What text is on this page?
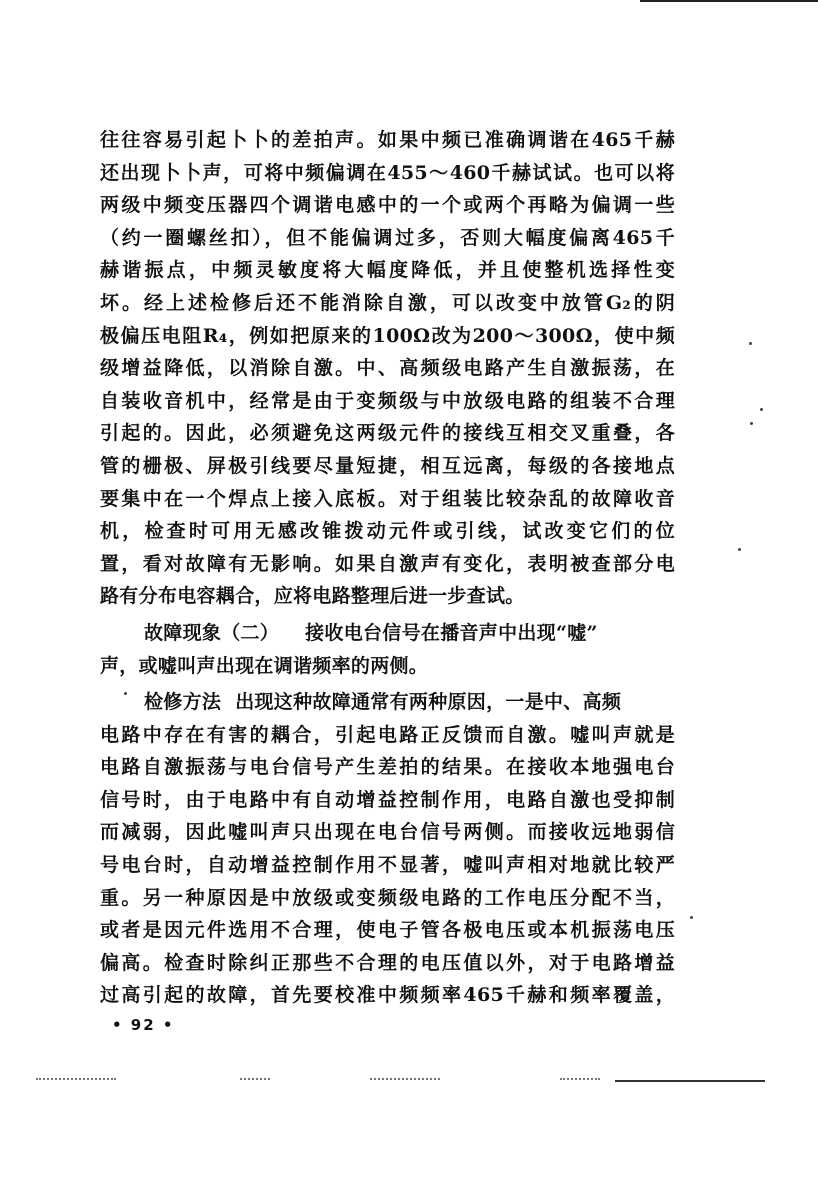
往往容易引起卜卜的差拍声。如果中频已准确调谐在465千赫
还出现卜卜声，可将中频偏调在455～460千赫试试。也可以将
两级中频变压器四个调谐电感中的一个或两个再略为偏调一些
（约一圈螺丝扣），但不能偏调过多，否则大幅度偏离465千
赫谐振点，中频灵敏度将大幅度降低，并且使整机选择性变
坏。经上述检修后还不能消除自激，可以改变中放管G₂的阴
极偏压电阻R₄，例如把原来的100Ω改为200～300Ω，使中频
级增益降低，以消除自激。中、高频级电路产生自激振荡，在
自装收音机中，经常是由于变频级与中放级电路的组装不合理
引起的。因此，必须避免这两级元件的接线互相交叉重叠，各
管的栅极、屏极引线要尽量短捷，相互远离，每级的各接地点
要集中在一个焊点上接入底板。对于组装比较杂乱的故障收音
机，检查时可用无感改锥拨动元件或引线，试改变它们的位
置，看对故障有无影响。如果自激声有变化，表明被查部分电
路有分布电容耦合，应将电路整理后进一步查试。
故障现象（二） 接收电台信号在播音声中出现“嘘”
声，或嘘叫声出现在调谐频率的两侧。
检修方法 出现这种故障通常有两种原因，一是中、高频
电路中存在有害的耦合，引起电路正反馈而自激。嘘叫声就是
电路自激振荡与电台信号产生差拍的结果。在接收本地强电台
信号时，由于电路中有自动增益控制作用，电路自激也受抑制
而减弱，因此嘘叫声只出现在电台信号两侧。而接收远地弱信
号电台时，自动增益控制作用不显著，嘘叫声相对地就比较严
重。另一种原因是中放级或变频级电路的工作电压分配不当，
或者是因元件选用不合理，使电子管各极电压或本机振荡电压
偏高。检查时除纠正那些不合理的电压值以外，对于电路增益
过高引起的故障，首先要校准中频频率465千赫和频率覆盖，
• 92 •
